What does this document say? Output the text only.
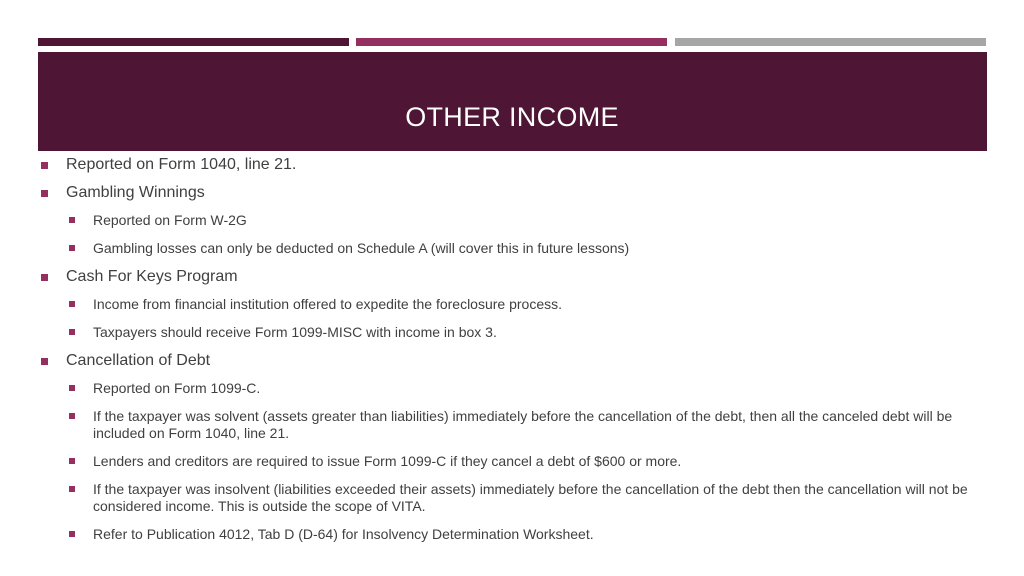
OTHER INCOME
Reported on Form 1040, line 21.
Gambling Winnings
Reported on Form W-2G
Gambling losses can only be deducted on Schedule A (will cover this in future lessons)
Cash For Keys Program
Income from financial institution offered to expedite the foreclosure process.
Taxpayers should receive Form 1099-MISC with income in box 3.
Cancellation of Debt
Reported on Form 1099-C.
If the taxpayer was solvent (assets greater than liabilities) immediately before the cancellation of the debt, then all the canceled debt will be included on Form 1040, line 21.
Lenders and creditors are required to issue Form 1099-C if they cancel a debt of $600 or more.
If the taxpayer was insolvent (liabilities exceeded their assets) immediately before the cancellation of the debt then the cancellation will not be considered income. This is outside the scope of VITA.
Refer to Publication 4012, Tab D (D-64) for Insolvency Determination Worksheet.
